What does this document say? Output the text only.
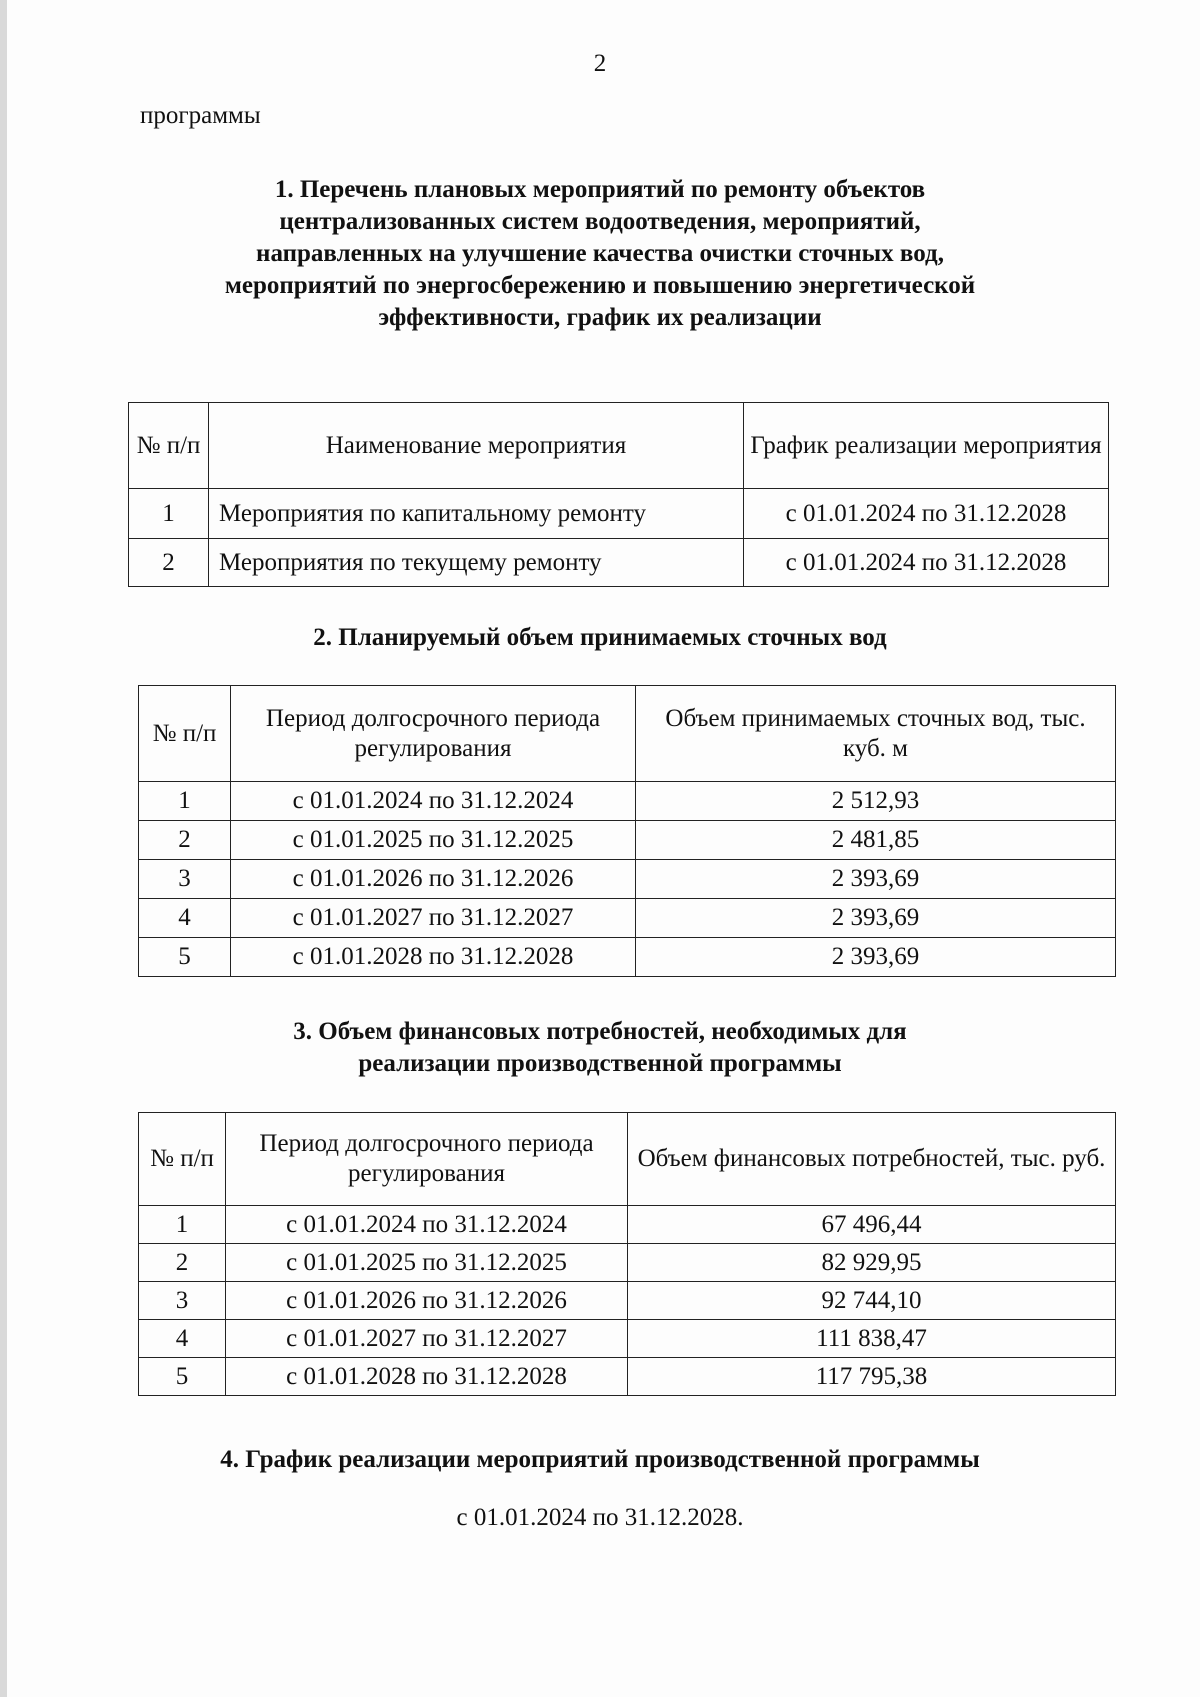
2
программы
1. Перечень плановых мероприятий по ремонту объектов
централизованных систем водоотведения, мероприятий,
направленных на улучшение качества очистки сточных вод,
мероприятий по энергосбережению и повышению энергетической
эффективности, график их реализации
№ п/п	Наименование мероприятия	График реализации мероприятия
1	Мероприятия по капитальному ремонту	с 01.01.2024 по 31.12.2028
2	Мероприятия по текущему ремонту	с 01.01.2024 по 31.12.2028
2. Планируемый объем принимаемых сточных вод
№ п/п	Период долгосрочного периода регулирования	Объем принимаемых сточных вод, тыс. куб. м
1	с 01.01.2024 по 31.12.2024	2 512,93
2	с 01.01.2025 по 31.12.2025	2 481,85
3	с 01.01.2026 по 31.12.2026	2 393,69
4	с 01.01.2027 по 31.12.2027	2 393,69
5	с 01.01.2028 по 31.12.2028	2 393,69
3. Объем финансовых потребностей, необходимых для
реализации производственной программы
№ п/п	Период долгосрочного периода регулирования	Объем финансовых потребностей, тыс. руб.
1	с 01.01.2024 по 31.12.2024	67 496,44
2	с 01.01.2025 по 31.12.2025	82 929,95
3	с 01.01.2026 по 31.12.2026	92 744,10
4	с 01.01.2027 по 31.12.2027	111 838,47
5	с 01.01.2028 по 31.12.2028	117 795,38
4. График реализации мероприятий производственной программы
с 01.01.2024 по 31.12.2028.
